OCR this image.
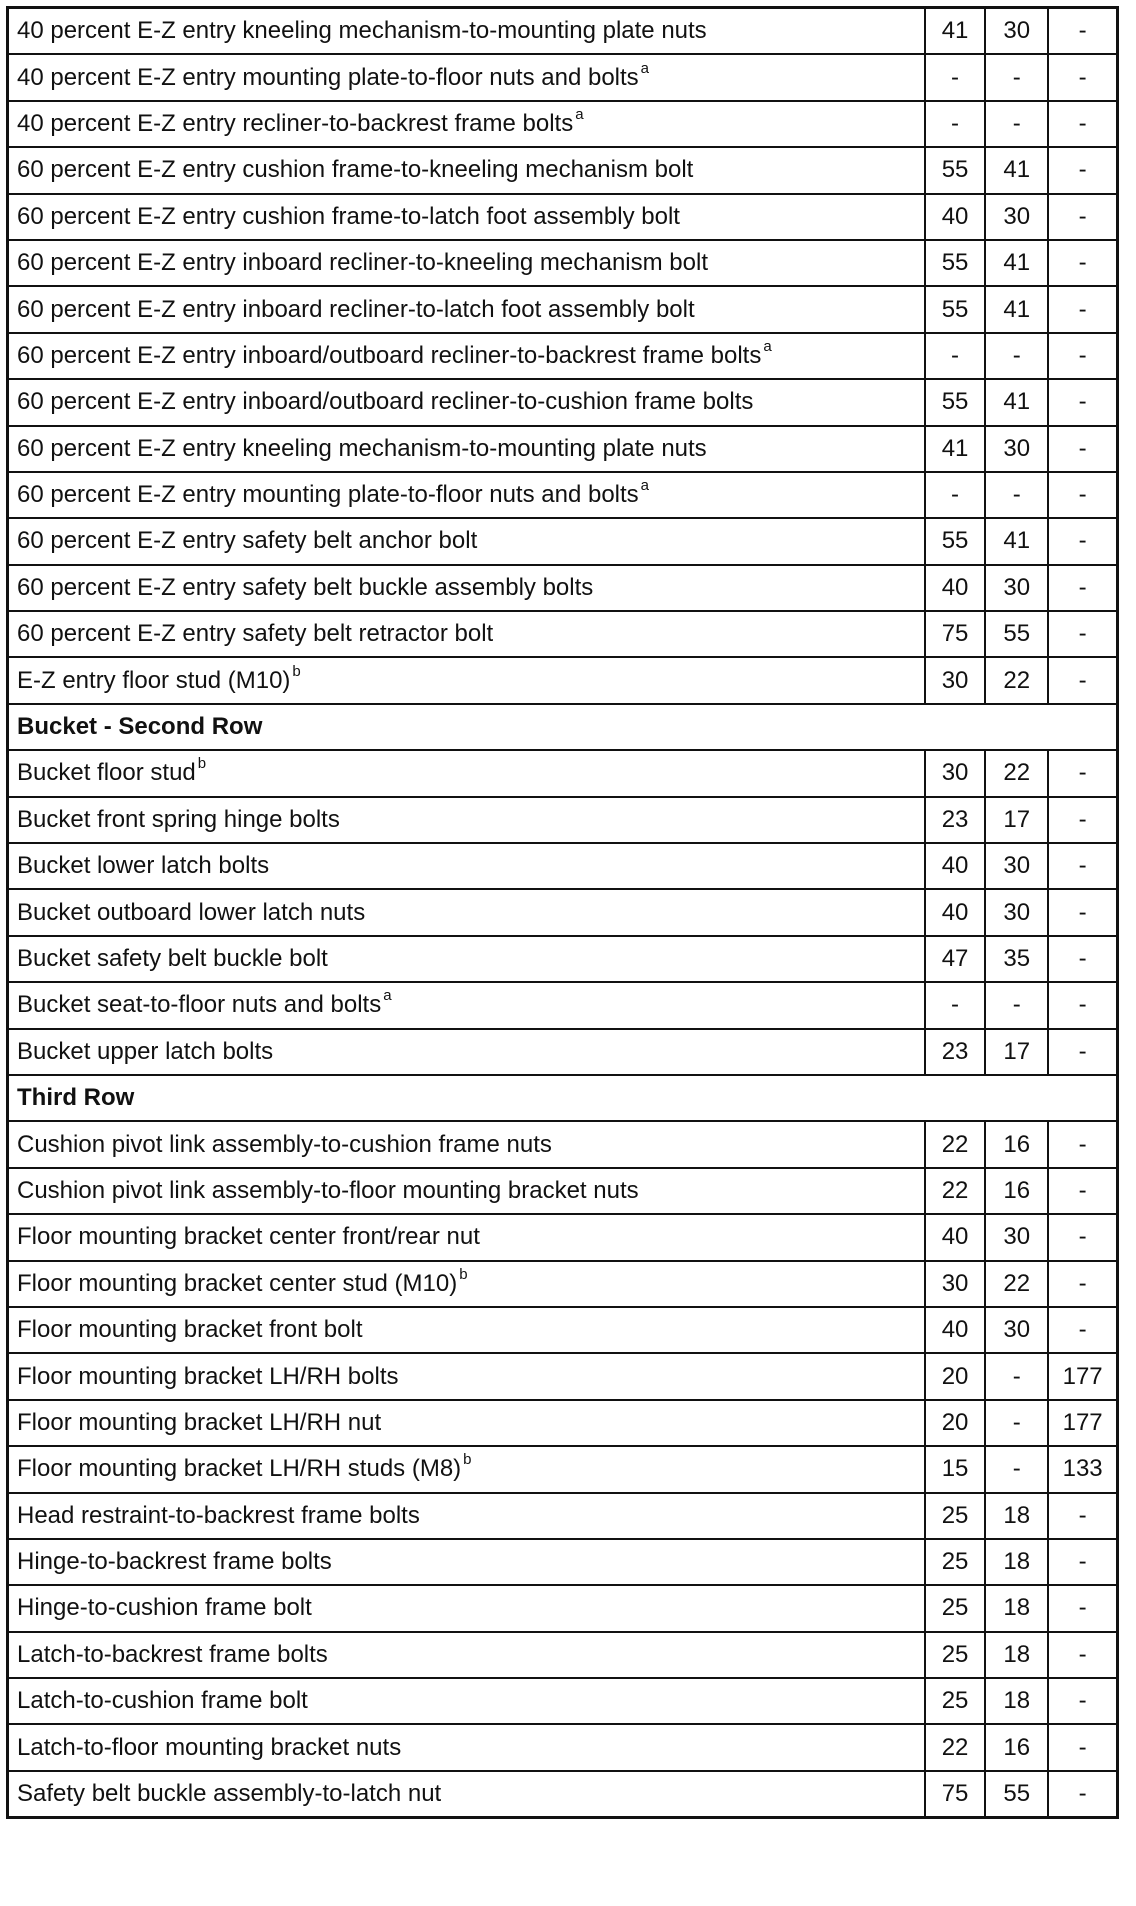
40 percent E-Z entry kneeling mechanism-to-mounting plate nuts	41	30	-
40 percent E-Z entry mounting plate-to-floor nuts and bolts $^a$	-	-	-
40 percent E-Z entry recliner-to-backrest frame bolts $^a$	-	-	-
60 percent E-Z entry cushion frame-to-kneeling mechanism bolt	55	41	-
60 percent E-Z entry cushion frame-to-latch foot assembly bolt	40	30	-
60 percent E-Z entry inboard recliner-to-kneeling mechanism bolt	55	41	-
60 percent E-Z entry inboard recliner-to-latch foot assembly bolt	55	41	-
60 percent E-Z entry inboard/outboard recliner-to-backrest frame bolts $^a$	-	-	-
60 percent E-Z entry inboard/outboard recliner-to-cushion frame bolts	55	41	-
60 percent E-Z entry kneeling mechanism-to-mounting plate nuts	41	30	-
60 percent E-Z entry mounting plate-to-floor nuts and bolts $^a$	-	-	-
60 percent E-Z entry safety belt anchor bolt	55	41	-
60 percent E-Z entry safety belt buckle assembly bolts	40	30	-
60 percent E-Z entry safety belt retractor bolt	75	55	-
E-Z entry floor stud (M10) $^b$	30	22	-
Bucket - Second Row			
Bucket floor stud $^b$	30	22	-
Bucket front spring hinge bolts	23	17	-
Bucket lower latch bolts	40	30	-
Bucket outboard lower latch nuts	40	30	-
Bucket safety belt buckle bolt	47	35	-
Bucket seat-to-floor nuts and bolts $^a$	-	-	-
Bucket upper latch bolts	23	17	-
Third Row			
Cushion pivot link assembly-to-cushion frame nuts	22	16	-
Cushion pivot link assembly-to-floor mounting bracket nuts	22	16	-
Floor mounting bracket center front/rear nut	40	30	-
Floor mounting bracket center stud (M10) $^b$	30	22	-
Floor mounting bracket front bolt	40	30	-
Floor mounting bracket LH/RH bolts	20	-	177
Floor mounting bracket LH/RH nut	20	-	177
Floor mounting bracket LH/RH studs (M8) $^b$	15	-	133
Head restraint-to-backrest frame bolts	25	18	-
Hinge-to-backrest frame bolts	25	18	-
Hinge-to-cushion frame bolt	25	18	-
Latch-to-backrest frame bolts	25	18	-
Latch-to-cushion frame bolt	25	18	-
Latch-to-floor mounting bracket nuts	22	16	-
Safety belt buckle assembly-to-latch nut	75	55	-
